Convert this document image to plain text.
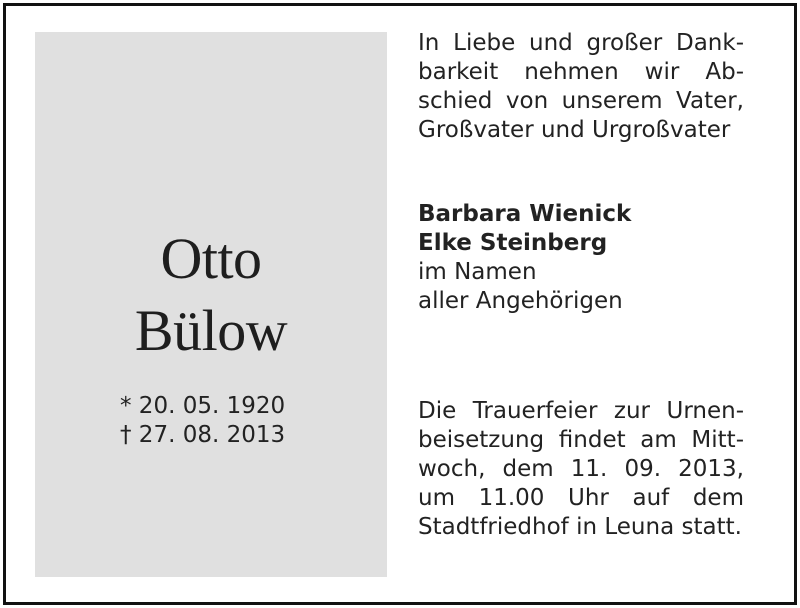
Otto
Bülow
* 20. 05. 1920
† 27. 08. 2013
In Liebe und großer Dank-
barkeit nehmen wir Ab-
schied von unserem Vater,
Großvater und Urgroßvater
Barbara Wienick
Elke Steinberg
im Namen
aller Angehörigen
Die Trauerfeier zur Urnen-
beisetzung findet am Mitt-
woch, dem 11. 09. 2013,
um 11.00 Uhr auf dem
Stadtfriedhof in Leuna statt.
